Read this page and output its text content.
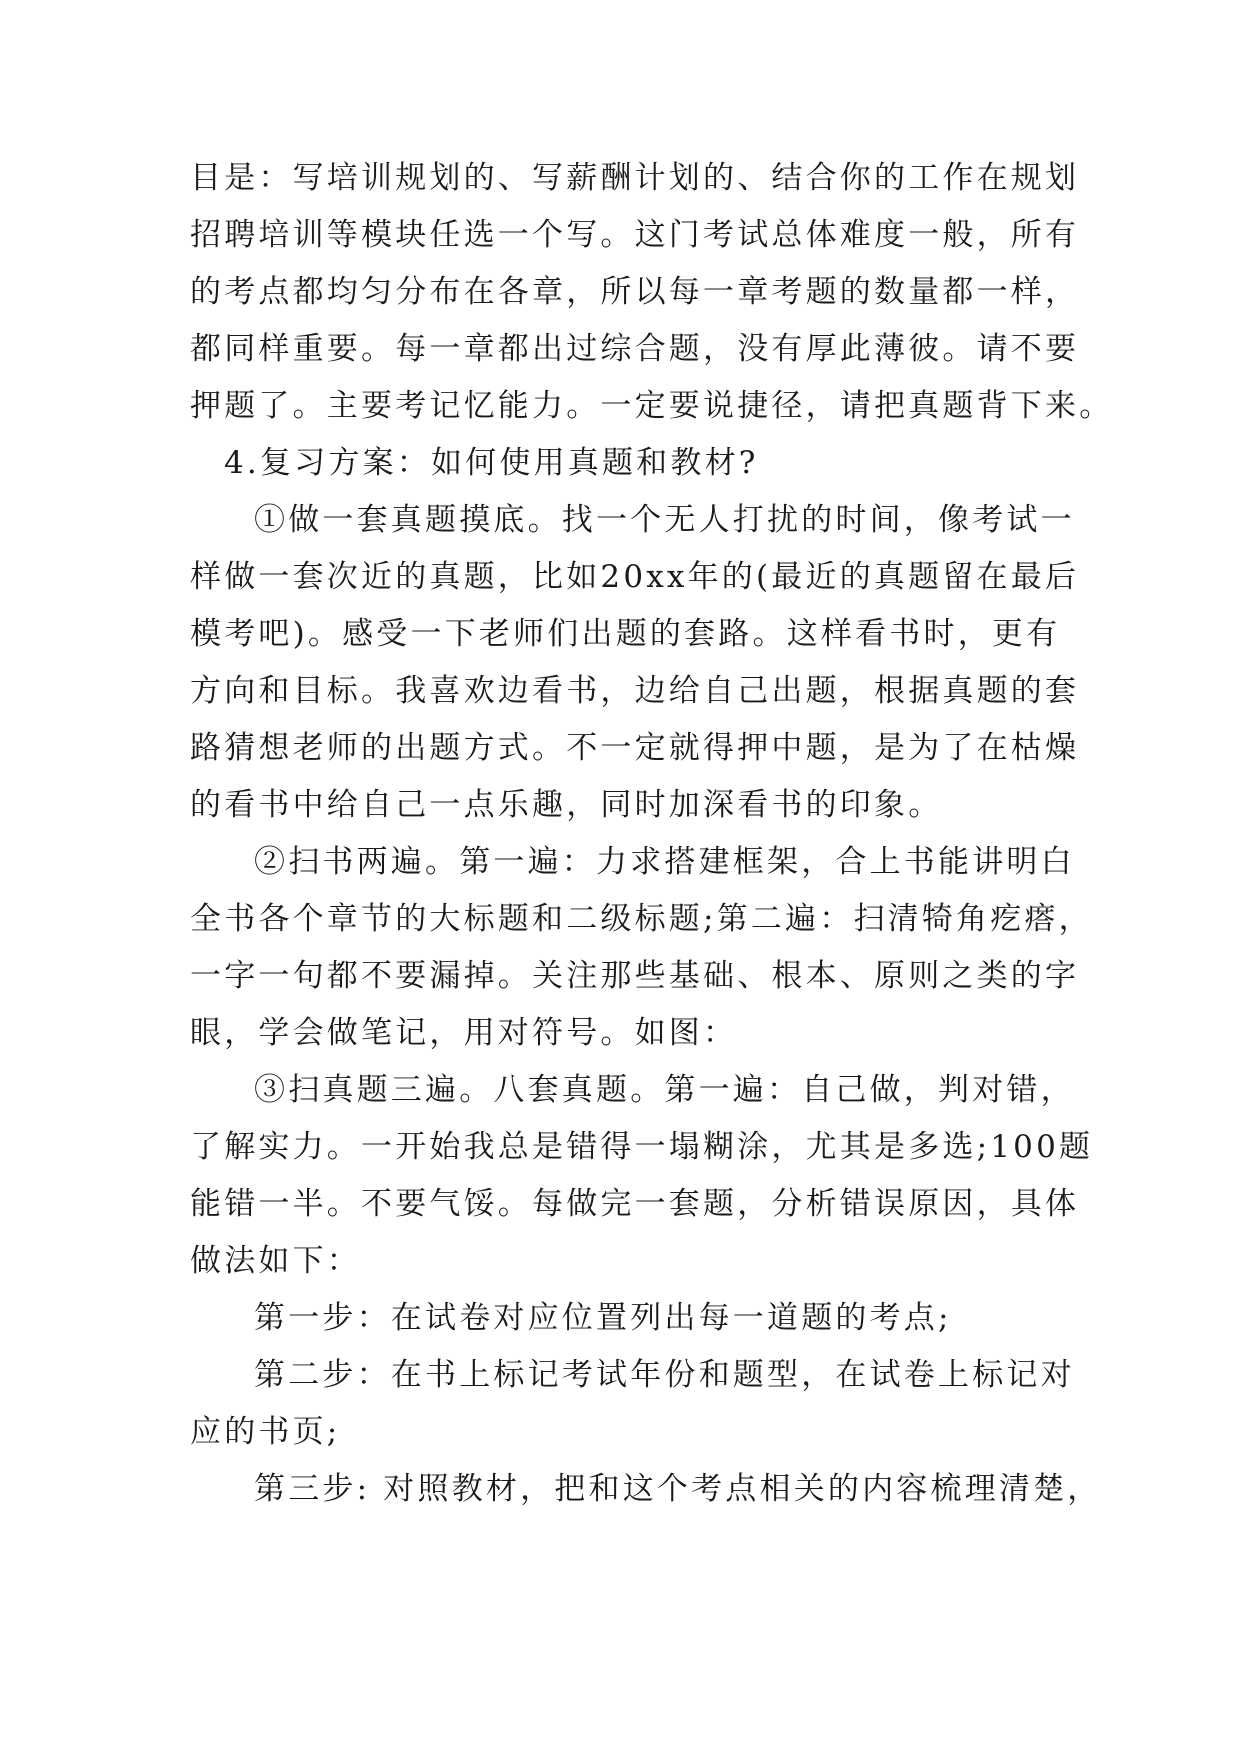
目是：写培训规划的、写薪酬计划的、结合你的工作在规划
招聘培训等模块任选一个写。这门考试总体难度一般，所有
的考点都均匀分布在各章，所以每一章考题的数量都一样，
都同样重要。每一章都出过综合题，没有厚此薄彼。请不要
押题了。主要考记忆能力。一定要说捷径，请把真题背下来。
4.复习方案：如何使用真题和教材?
①做一套真题摸底。找一个无人打扰的时间，像考试一
样做一套次近的真题，比如20xx年的(最近的真题留在最后
模考吧)。感受一下老师们出题的套路。这样看书时，更有
方向和目标。我喜欢边看书，边给自己出题，根据真题的套
路猜想老师的出题方式。不一定就得押中题，是为了在枯燥
的看书中给自己一点乐趣，同时加深看书的印象。
②扫书两遍。第一遍：力求搭建框架，合上书能讲明白
全书各个章节的大标题和二级标题;第二遍：扫清犄角疙瘩，
一字一句都不要漏掉。关注那些基础、根本、原则之类的字
眼，学会做笔记，用对符号。如图：
③扫真题三遍。八套真题。第一遍：自己做，判对错，
了解实力。一开始我总是错得一塌糊涂，尤其是多选;100题
能错一半。不要气馁。每做完一套题，分析错误原因，具体
做法如下：
第一步：在试卷对应位置列出每一道题的考点;
第二步：在书上标记考试年份和题型，在试卷上标记对
应的书页;
第三步: 对照教材，把和这个考点相关的内容梳理清楚，
